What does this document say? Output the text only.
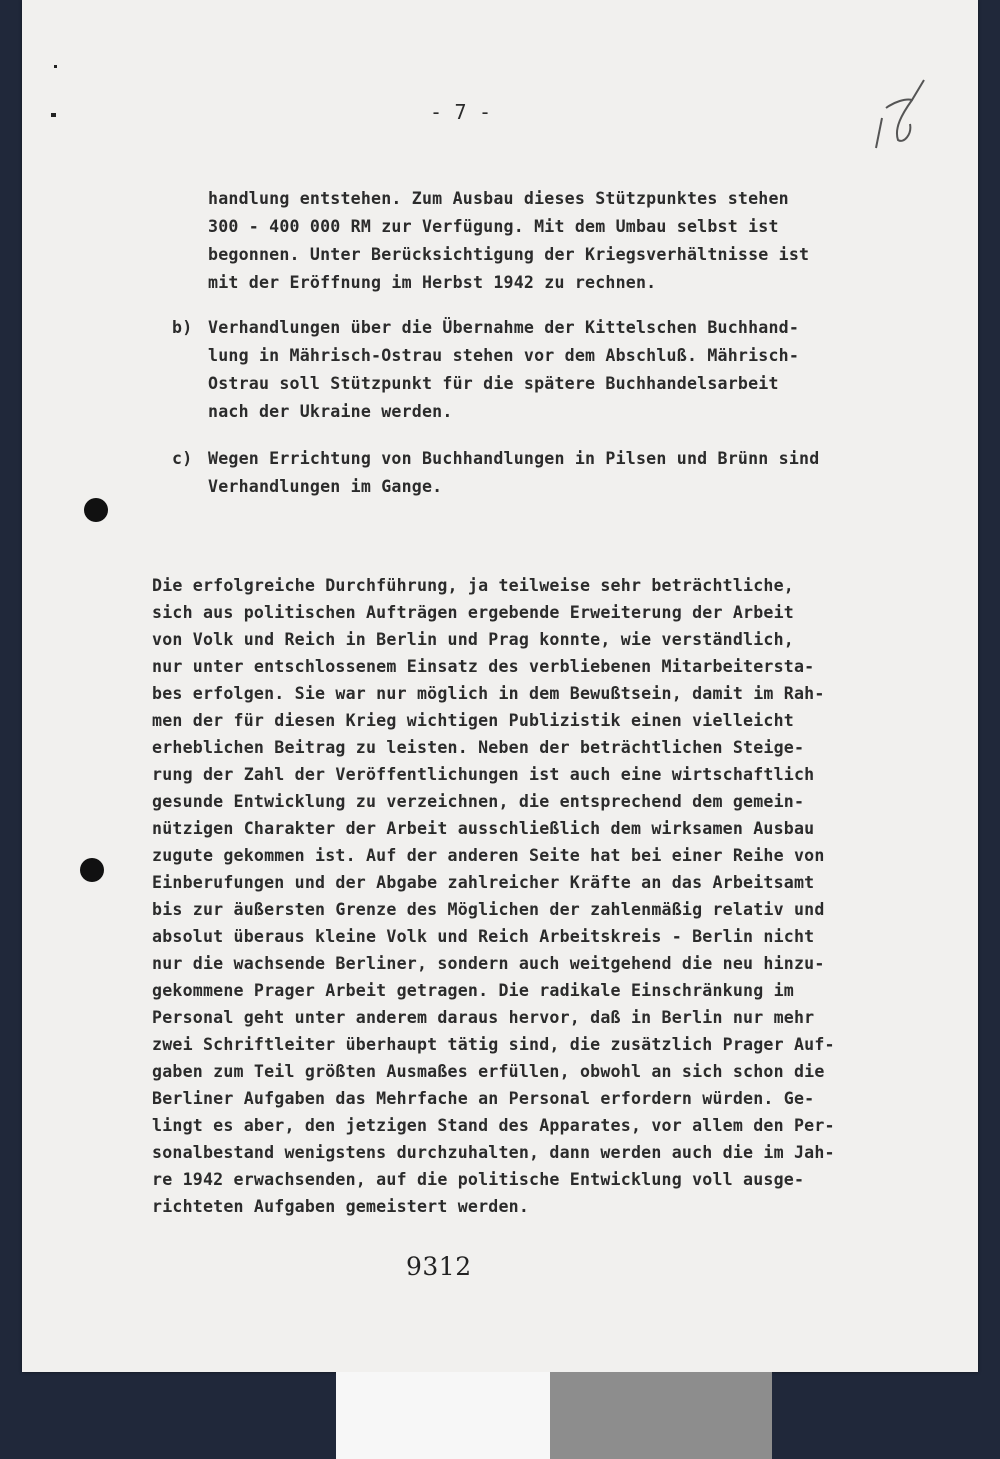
- 7 -
handlung entstehen. Zum Ausbau dieses Stützpunktes stehen
300 - 400 000 RM zur Verfügung. Mit dem Umbau selbst ist
begonnen. Unter Berücksichtigung der Kriegsverhältnisse ist
mit der Eröffnung im Herbst 1942 zu rechnen.
b) Verhandlungen über die Übernahme der Kittelschen Buchhand-
lung in Mährisch-Ostrau stehen vor dem Abschluß. Mährisch-
Ostrau soll Stützpunkt für die spätere Buchhandelsarbeit
nach der Ukraine werden.
c) Wegen Errichtung von Buchhandlungen in Pilsen und Brünn sind
Verhandlungen im Gange.
Die erfolgreiche Durchführung, ja teilweise sehr beträchtliche,
sich aus politischen Aufträgen ergebende Erweiterung der Arbeit
von Volk und Reich in Berlin und Prag konnte, wie verständlich,
nur unter entschlossenem Einsatz des verbliebenen Mitarbeitersta-
bes erfolgen. Sie war nur möglich in dem Bewußtsein, damit im Rah-
men der für diesen Krieg wichtigen Publizistik einen vielleicht
erheblichen Beitrag zu leisten. Neben der beträchtlichen Steige-
rung der Zahl der Veröffentlichungen ist auch eine wirtschaftlich
gesunde Entwicklung zu verzeichnen, die entsprechend dem gemein-
nützigen Charakter der Arbeit ausschließlich dem wirksamen Ausbau
zugute gekommen ist. Auf der anderen Seite hat bei einer Reihe von
Einberufungen und der Abgabe zahlreicher Kräfte an das Arbeitsamt
bis zur äußersten Grenze des Möglichen der zahlenmäßig relativ und
absolut überaus kleine Volk und Reich Arbeitskreis - Berlin nicht
nur die wachsende Berliner, sondern auch weitgehend die neu hinzu-
gekommene Prager Arbeit getragen. Die radikale Einschränkung im
Personal geht unter anderem daraus hervor, daß in Berlin nur mehr
zwei Schriftleiter überhaupt tätig sind, die zusätzlich Prager Auf-
gaben zum Teil größten Ausmaßes erfüllen, obwohl an sich schon die
Berliner Aufgaben das Mehrfache an Personal erfordern würden. Ge-
lingt es aber, den jetzigen Stand des Apparates, vor allem den Per-
sonalbestand wenigstens durchzuhalten, dann werden auch die im Jah-
re 1942 erwachsenden, auf die politische Entwicklung voll ausge-
richteten Aufgaben gemeistert werden.
9312
